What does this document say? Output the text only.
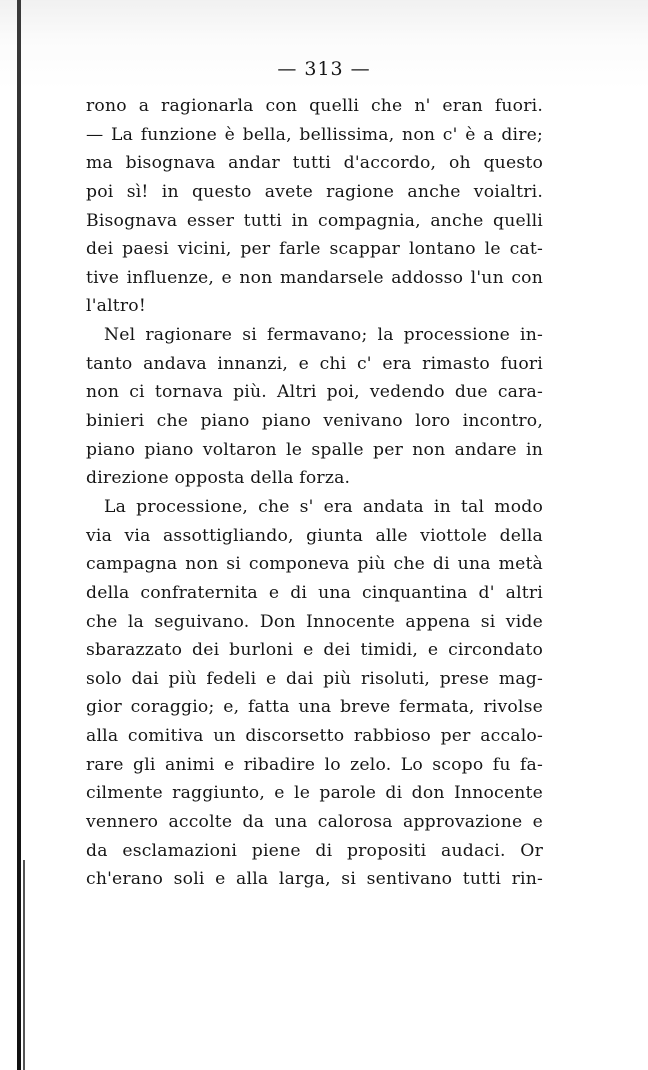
— 313 —
rono a ragionarla con quelli che n' eran fuori.
— La funzione è bella, bellissima, non c' è a dire;
ma bisognava andar tutti d'accordo, oh questo
poi sì! in questo avete ragione anche voialtri.
Bisognava esser tutti in compagnia, anche quelli
dei paesi vicini, per farle scappar lontano le cat-
tive influenze, e non mandarsele addosso l'un con
l'altro!
Nel ragionare si fermavano; la processione in-
tanto andava innanzi, e chi c' era rimasto fuori
non ci tornava più. Altri poi, vedendo due cara-
binieri che piano piano venivano loro incontro,
piano piano voltaron le spalle per non andare in
direzione opposta della forza.
La processione, che s' era andata in tal modo
via via assottigliando, giunta alle viottole della
campagna non si componeva più che di una metà
della confraternita e di una cinquantina d' altri
che la seguivano. Don Innocente appena si vide
sbarazzato dei burloni e dei timidi, e circondato
solo dai più fedeli e dai più risoluti, prese mag-
gior coraggio; e, fatta una breve fermata, rivolse
alla comitiva un discorsetto rabbioso per accalo-
rare gli animi e ribadire lo zelo. Lo scopo fu fa-
cilmente raggiunto, e le parole di don Innocente
vennero accolte da una calorosa approvazione e
da esclamazioni piene di propositi audaci. Or
ch'erano soli e alla larga, si sentivano tutti rin-
